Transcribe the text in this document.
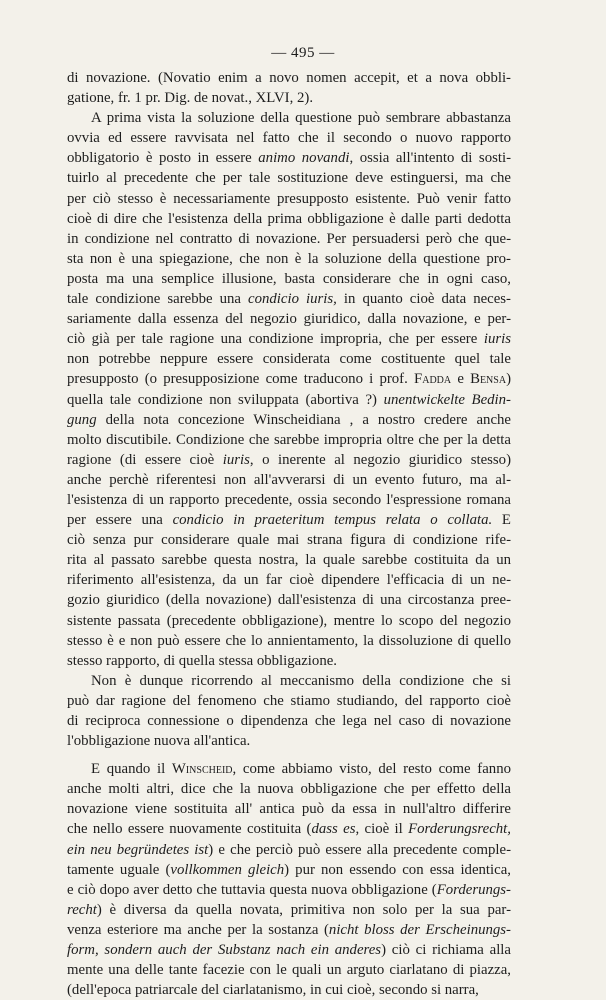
— 495 —

di novazione. (Novatio enim a novo nomen accepit, et a nova obbli-
gatione, fr. 1 pr. Dig. de novat., XLVI, 2).

A prima vista la soluzione della questione può sembrare abbastanza
ovvia ed essere ravvisata nel fatto che il secondo o nuovo rapporto
obbligatorio è posto in essere animo novandi, ossia all'intento di sosti-
tuirlo al precedente che per tale sostituzione deve estinguersi, ma che
per ciò stesso è necessariamente presupposto esistente. Può venir fatto
cioè di dire che l'esistenza della prima obbligazione è dalle parti dedotta
in condizione nel contratto di novazione. Per persuadersi però che que-
sta non è una spiegazione, che non è la soluzione della questione pro-
posta ma una semplice illusione, basta considerare che in ogni caso,
tale condizione sarebbe una condicio iuris, in quanto cioè data neces-
sariamente dalla essenza del negozio giuridico, dalla novazione, e per-
ciò già per tale ragione una condizione impropria, che per essere iuris
non potrebbe neppure essere considerata come costituente quel tale
presupposto (o presupposizione come traducono i prof. Fadda e Bensa)
quella tale condizione non sviluppata (abortiva ?) unentwickelte Bedin-
gung della nota concezione Winscheidiana , a nostro credere anche
molto discutibile. Condizione che sarebbe impropria oltre che per la detta
ragione (di essere cioè iuris, o inerente al negozio giuridico stesso)
anche perchè riferentesi non all'avverarsi di un evento futuro, ma al-
l'esistenza di un rapporto precedente, ossia secondo l'espressione romana
per essere una condicio in praeteritum tempus relata o collata. E
ciò senza pur considerare quale mai strana figura di condizione rife-
rita al passato sarebbe questa nostra, la quale sarebbe costituita da un
riferimento all'esistenza, da un far cioè dipendere l'efficacia di un ne-
gozio giuridico (della novazione) dall'esistenza di una circostanza pree-
sistente passata (precedente obbligazione), mentre lo scopo del negozio
stesso è e non può essere che lo annientamento, la dissoluzione di quello
stesso rapporto, di quella stessa obbligazione.

Non è dunque ricorrendo al meccanismo della condizione che si
può dar ragione del fenomeno che stiamo studiando, del rapporto cioè
di reciproca connessione o dipendenza che lega nel caso di novazione
l'obbligazione nuova all'antica.

E quando il Winscheid, come abbiamo visto, del resto come fanno
anche molti altri, dice che la nuova obbligazione che per effetto della
novazione viene sostituita all' antica può da essa in null'altro differire
che nello essere nuovamente costituita (dass es, cioè il Forderungsrecht,
ein neu begründetes ist) e che perciò può essere alla precedente comple-
tamente uguale (vollkommen gleich) pur non essendo con essa identica,
e ciò dopo aver detto che tuttavia questa nuova obbligazione (Forderungs-
recht) è diversa da quella novata, primitiva non solo per la sua par-
venza esteriore ma anche per la sostanza (nicht bloss der Erscheinungs-
form, sondern auch der Substanz nach ein anderes) ciò ci richiama alla
mente una delle tante facezie con le quali un arguto ciarlatano di piazza,
(dell'epoca patriarcale del ciarlatanismo, in cui cioè, secondo si narra,
